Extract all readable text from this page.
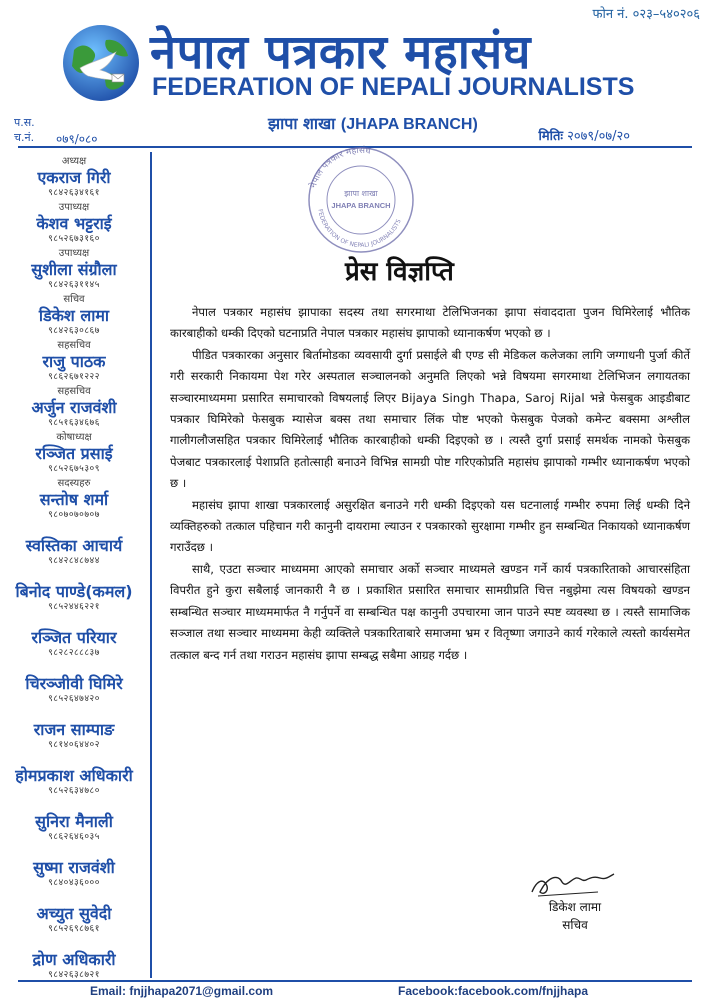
फोन नं. ०२३–५४०२०६
नेपाल पत्रकार महासंघ
FEDERATION OF NEPALI JOURNALISTS
प.स.
च.नं. ०७९/०८०
झापा शाखा (JHAPA BRANCH)
मितिः २०७९/०७/२०
अध्यक्ष
एकराज गिरी
९८४२६३४१६१
उपाध्यक्ष
केशव भट्टराई
९८५२६७३१६०
उपाध्यक्ष
सुशीला संग्रौला
९८४२६३११४५
सचिव
डिकेश लामा
९८४२६३०८६७
सहसचिव
राजु पाठक
९८६२६७१२२२
सहसचिव
अर्जुन राजवंशी
९८५१६३४६७६
कोषाध्यक्ष
रञ्जित प्रसाई
९८५२६७५३०९
सदस्यहरु
सन्तोष शर्मा
९८०७०७०७०७
स्वस्तिका आचार्य
९८४२८४८७४४
बिनोद पाण्डे(कमल)
९८५२४४६२२१
रञ्जित परियार
९८२८२८८८३७
चिरञ्जीवी घिमिरे
९८५२६४७४२०
राजन साम्पाङ
९८१४०६४४०२
होमप्रकाश अधिकारी
९८५२६३४७८०
सुनिरा मैनाली
९८६२६४६०३५
सुष्मा राजवंशी
९८४०४३६०००
अच्युत सुवेदी
९८५२६९८७६१
द्रोण अधिकारी
९८४२६३८७२१
नेपाल पत्रकार महासंघ
FEDERATION OF NEPALI JOURNALISTS
झापा शाखा
JHAPA BRANCH
प्रेस विज्ञप्ति

नेपाल पत्रकार महासंघ झापाका सदस्य तथा सगरमाथा टेलिभिजनका झापा संवाददाता पुजन घिमिरेलाई भौतिक कारबाहीको धम्की दिएको घटनाप्रति नेपाल पत्रकार महासंघ झापाको ध्यानाकर्षण भएको छ ।

पीडित पत्रकारका अनुसार बिर्तामोडका व्यवसायी दुर्गा प्रसाईले बी एण्ड सी मेडिकल कलेजका लागि जग्गाधनी पुर्जा कीर्ते गरी सरकारी निकायमा पेश गरेर अस्पताल सञ्चालनको अनुमति लिएको भन्ने विषयमा सगरमाथा टेलिभिजन लगायतका सञ्चारमाध्यममा प्रसारित समाचारको विषयलाई लिएर Bijaya Singh Thapa, Saroj Rijal भन्ने फेसबुक आइडीबाट पत्रकार घिमिरेको फेसबुक म्यासेज बक्स तथा समाचार लिंक पोष्ट भएको फेसबुक पेजको कमेन्ट बक्समा अश्लील गालीगलौजसहित पत्रकार घिमिरेलाई भौतिक कारबाहीको धम्की दिइएको छ । त्यस्तै दुर्गा प्रसाई समर्थक नामको फेसबुक पेजबाट पत्रकारलाई पेशाप्रति हतोत्साही बनाउने विभिन्न सामग्री पोष्ट गरिएकोप्रति महासंघ झापाको गम्भीर ध्यानाकर्षण भएको छ ।

महासंघ झापा शाखा पत्रकारलाई असुरक्षित बनाउने गरी धम्की दिइएको यस घटनालाई गम्भीर रुपमा लिई धम्की दिने व्यक्तिहरुको तत्काल पहिचान गरी कानुनी दायरामा ल्याउन र पत्रकारको सुरक्षामा गम्भीर हुन सम्बन्धित निकायको ध्यानाकर्षण गराउँदछ ।

साथै, एउटा सञ्चार माध्यममा आएको समाचार अर्को सञ्चार माध्यमले खण्डन गर्ने कार्य पत्रकारिताको आचारसंहिता विपरीत हुने कुरा सबैलाई जानकारी नै छ । प्रकाशित प्रसारित समाचार सामग्रीप्रति चित्त नबुझेमा त्यस विषयको खण्डन सम्बन्धित सञ्चार माध्यममार्फत नै गर्नुपर्ने वा सम्बन्धित पक्ष कानुनी उपचारमा जान पाउने स्पष्ट व्यवस्था छ । त्यस्तै सामाजिक सञ्जाल तथा सञ्चार माध्यममा केही व्यक्तिले पत्रकारिताबारे समाजमा भ्रम र वितृष्णा जगाउने कार्य गरेकाले त्यस्तो कार्यसमेत तत्काल बन्द गर्न तथा गराउन महासंघ झापा सम्बद्ध सबैमा आग्रह गर्दछ ।

डिकेश लामा
सचिव
Email: fnjjhapa2071@gmail.com	Facebook:facebook.com/fnjjhapa
